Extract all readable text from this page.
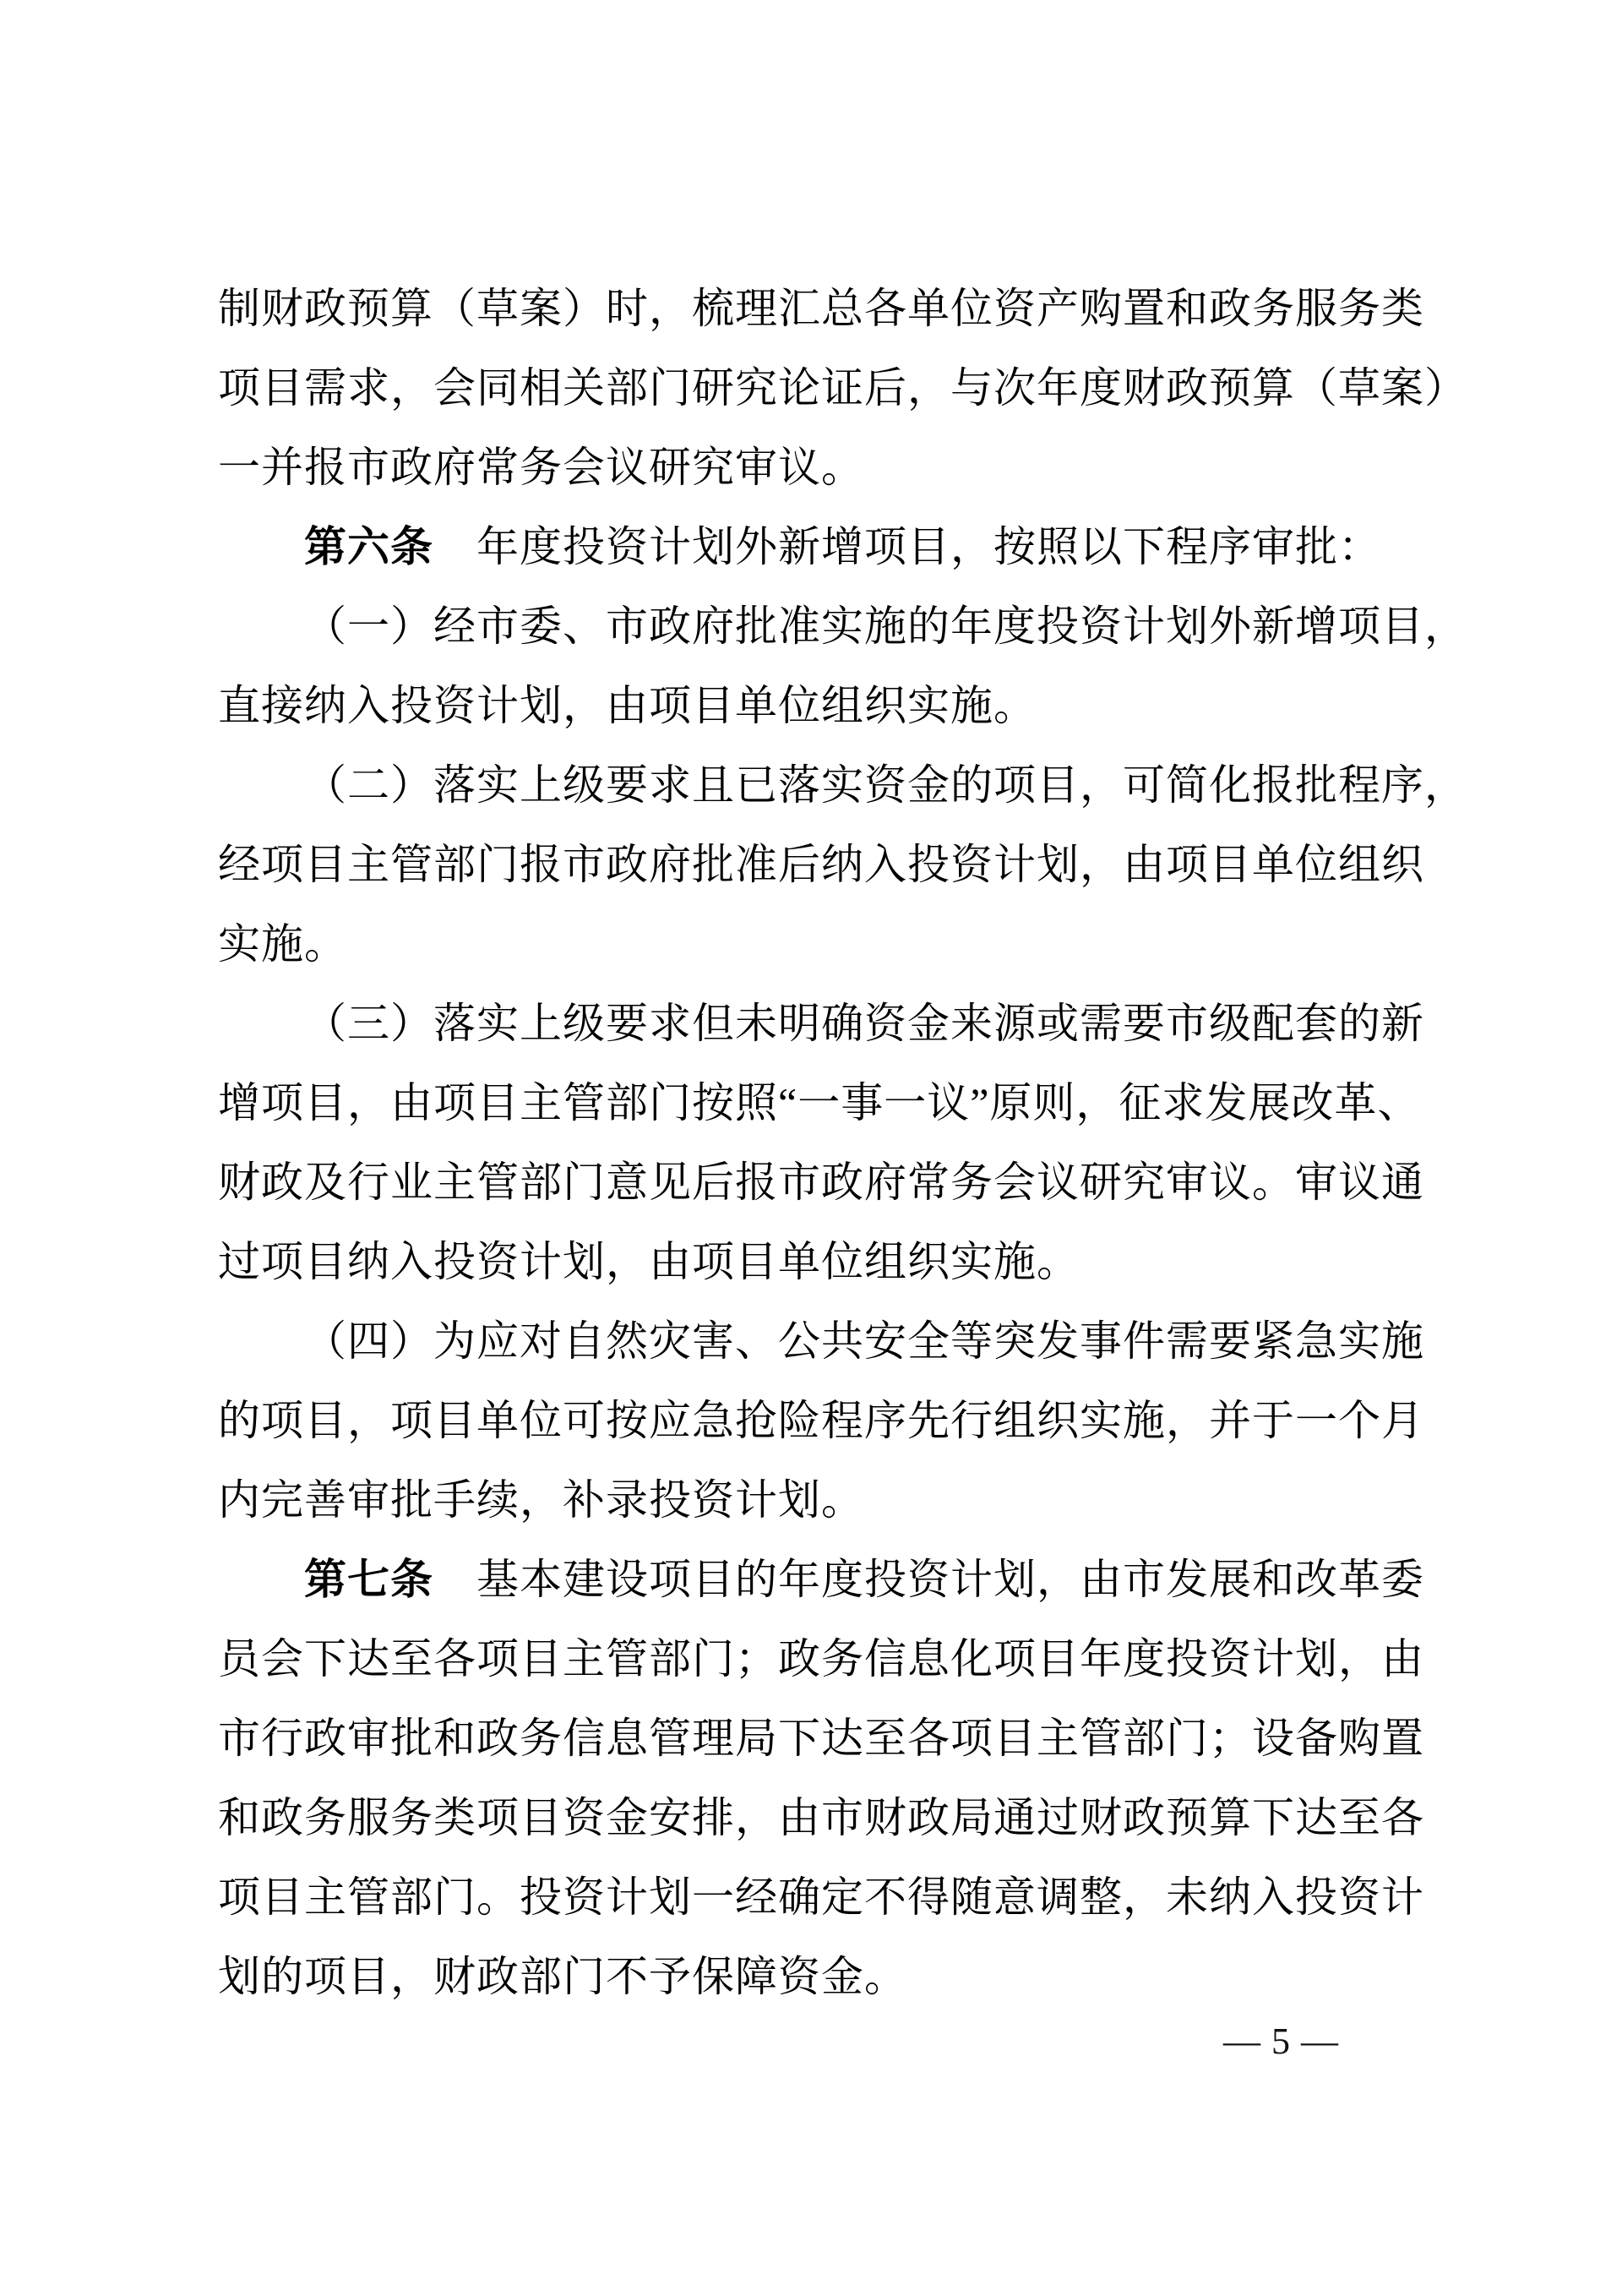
制财政预算（草案）时，梳理汇总各单位资产购置和政务服务类
项目需求，会同相关部门研究论证后，与次年度财政预算（草案）
一并报市政府常务会议研究审议。
第六条　年度投资计划外新增项目，按照以下程序审批：
（一）经市委、市政府批准实施的年度投资计划外新增项目，
直接纳入投资计划，由项目单位组织实施。
（二）落实上级要求且已落实资金的项目，可简化报批程序，
经项目主管部门报市政府批准后纳入投资计划，由项目单位组织
实施。
（三）落实上级要求但未明确资金来源或需要市级配套的新
增项目，由项目主管部门按照“一事一议”原则，征求发展改革、
财政及行业主管部门意见后报市政府常务会议研究审议。审议通
过项目纳入投资计划，由项目单位组织实施。
（四）为应对自然灾害、公共安全等突发事件需要紧急实施
的项目，项目单位可按应急抢险程序先行组织实施，并于一个月
内完善审批手续，补录投资计划。
第七条　基本建设项目的年度投资计划，由市发展和改革委
员会下达至各项目主管部门；政务信息化项目年度投资计划，由
市行政审批和政务信息管理局下达至各项目主管部门；设备购置
和政务服务类项目资金安排，由市财政局通过财政预算下达至各
项目主管部门。投资计划一经确定不得随意调整，未纳入投资计
划的项目，财政部门不予保障资金。
— 5 —
